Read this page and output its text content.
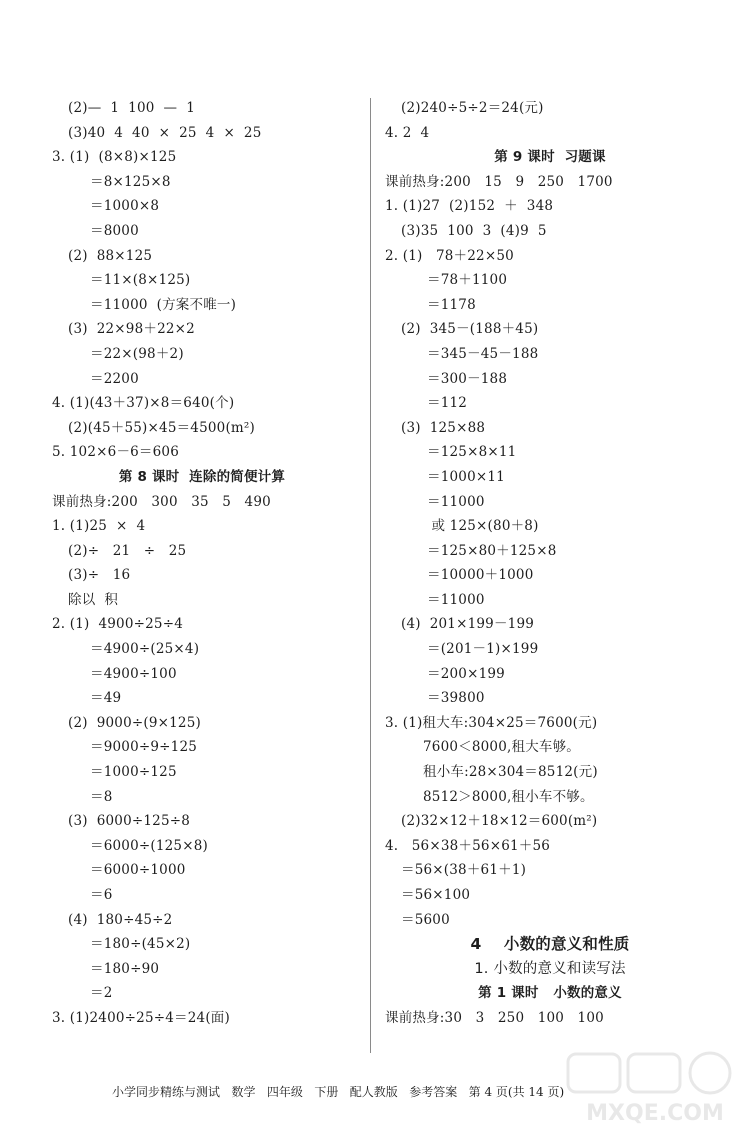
(2)—  1  100  —  1
(3)40  4  40  ×  25  4  ×  25
3. (1)  (8×8)×125
＝8×125×8
＝1000×8
＝8000
(2)  88×125
＝11×(8×125)
＝11000  (方案不唯一)
(3)  22×98＋22×2
＝22×(98＋2)
＝2200
4. (1)(43＋37)×8＝640(个)
(2)(45＋55)×45＝4500(m²)
5. 102×6－6＝606
第 8 课时  连除的简便计算
课前热身:200   300   35   5   490
1. (1)25  ×  4
(2)÷   21   ÷   25
(3)÷   16
除以  积
2. (1)  4900÷25÷4
＝4900÷(25×4)
＝4900÷100
＝49
(2)  9000÷(9×125)
＝9000÷9÷125
＝1000÷125
＝8
(3)  6000÷125÷8
＝6000÷(125×8)
＝6000÷1000
＝6
(4)  180÷45÷2
＝180÷(45×2)
＝180÷90
＝2
3. (1)2400÷25÷4＝24(面)
(2)240÷5÷2＝24(元)
4. 2  4
第 9 课时  习题课
课前热身:200   15   9   250   1700
1. (1)27  (2)152  ＋  348
(3)35  100  3  (4)9  5
2. (1)   78＋22×50
＝78＋1100
＝1178
(2)  345－(188＋45)
＝345－45－188
＝300－188
＝112
(3)  125×88
＝125×8×11
＝1000×11
＝11000
或 125×(80＋8)
＝125×80＋125×8
＝10000＋1000
＝11000
(4)  201×199－199
＝(201－1)×199
＝200×199
＝39800
3. (1)租大车:304×25＝7600(元)
7600＜8000,租大车够。
租小车:28×304＝8512(元)
8512＞8000,租小车不够。
(2)32×12＋18×12＝600(m²)
4.   56×38＋56×61＋56
＝56×(38＋61＋1)
＝56×100
＝5600
4    小数的意义和性质
1. 小数的意义和读写法
第 1 课时   小数的意义
课前热身:30   3   250   100   100
小学同步精练与测试   数学   四年级   下册   配人教版   参考答案   第 4 页(共 14 页)
MXQE.COM
